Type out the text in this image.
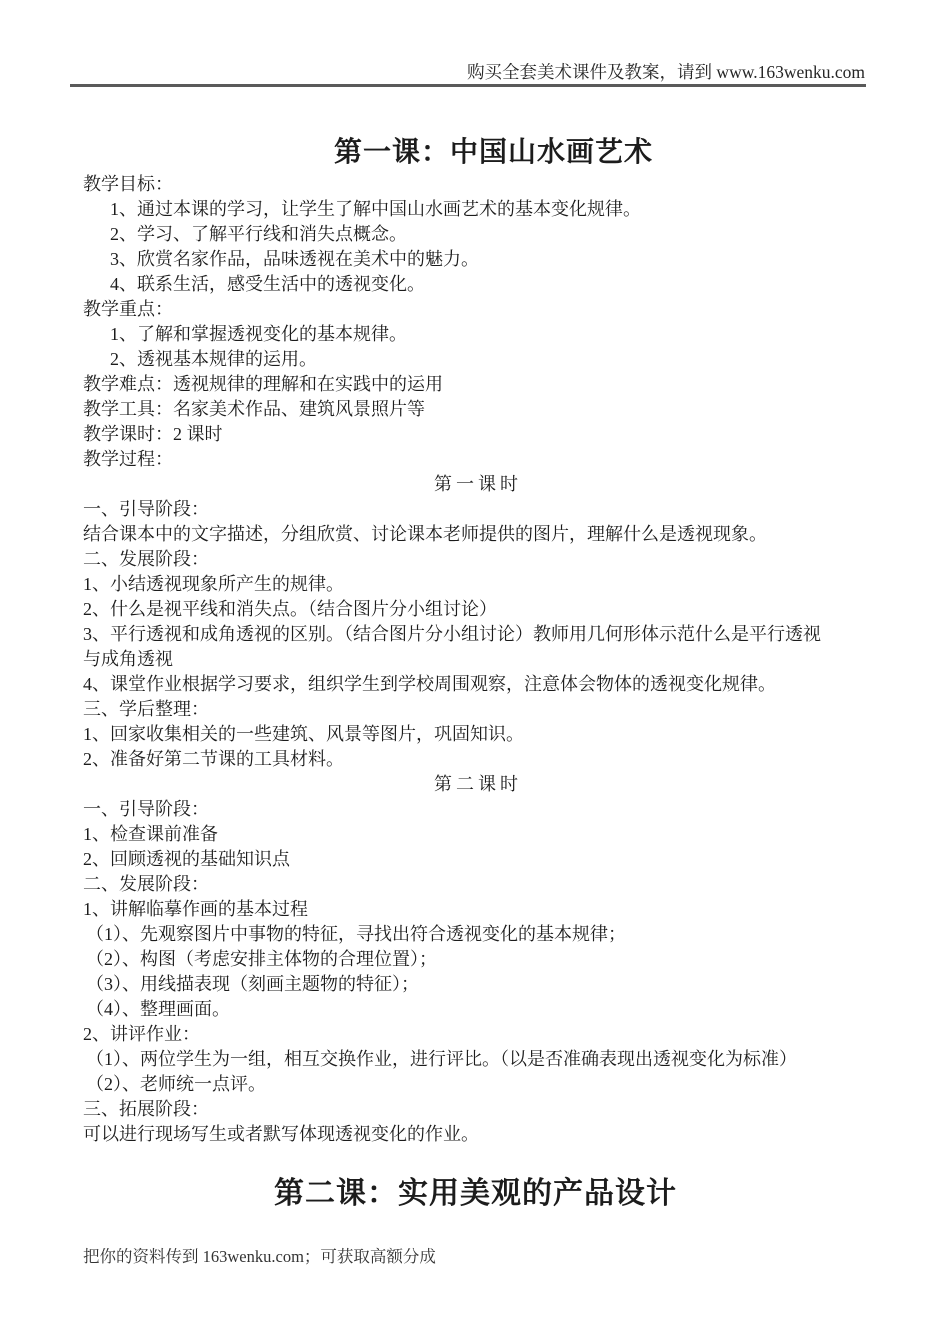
购买全套美术课件及教案，请到 www.163wenku.com
第一课：中国山水画艺术
教学目标：
1、通过本课的学习，让学生了解中国山水画艺术的基本变化规律。
2、学习、了解平行线和消失点概念。
3、欣赏名家作品，品味透视在美术中的魅力。
4、联系生活，感受生活中的透视变化。
教学重点：
1、了解和掌握透视变化的基本规律。
2、透视基本规律的运用。
教学难点：透视规律的理解和在实践中的运用
教学工具：名家美术作品、建筑风景照片等
教学课时：2 课时
教学过程：
第一课时
一、引导阶段：
结合课本中的文字描述，分组欣赏、讨论课本老师提供的图片，理解什么是透视现象。
二、发展阶段：
1、小结透视现象所产生的规律。
2、什么是视平线和消失点。（结合图片分小组讨论）
3、平行透视和成角透视的区别。（结合图片分小组讨论）教师用几何形体示范什么是平行透视
与成角透视
4、课堂作业根据学习要求，组织学生到学校周围观察，注意体会物体的透视变化规律。
三、学后整理：
1、回家收集相关的一些建筑、风景等图片，巩固知识。
2、准备好第二节课的工具材料。
第二课时
一、引导阶段：
1、检查课前准备
2、回顾透视的基础知识点
二、发展阶段：
1、讲解临摹作画的基本过程
（1）、先观察图片中事物的特征，寻找出符合透视变化的基本规律；
（2）、构图（考虑安排主体物的合理位置）；
（3）、用线描表现（刻画主题物的特征）；
（4）、整理画面。
2、讲评作业：
（1）、两位学生为一组，相互交换作业，进行评比。（以是否准确表现出透视变化为标准）
（2）、老师统一点评。
三、拓展阶段：
可以进行现场写生或者默写体现透视变化的作业。
第二课：实用美观的产品设计
把你的资料传到 163wenku.com；可获取高额分成
